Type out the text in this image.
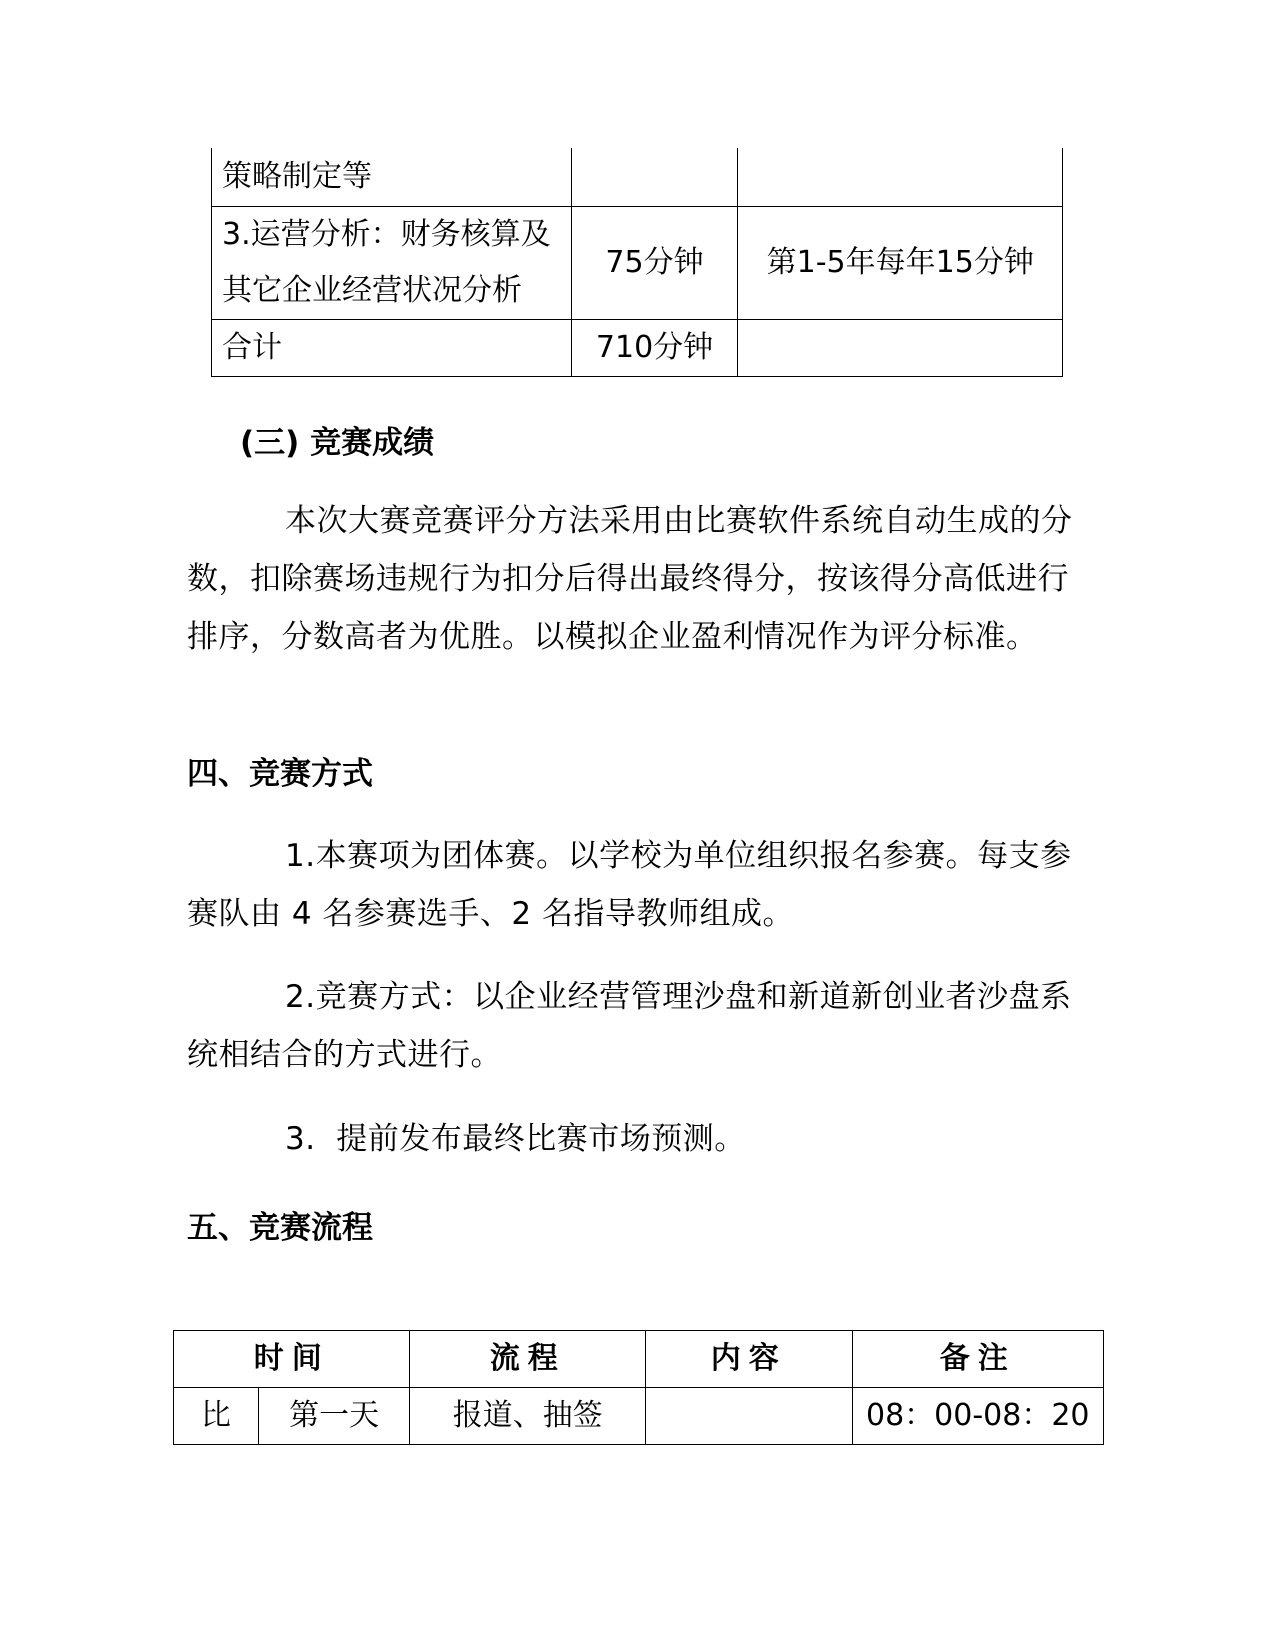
策略制定等		
3.运营分析：财务核算及其它企业经营状况分析	75分钟	第1-5年每年15分钟
合计	710分钟	
(三) 竞赛成绩
本次大赛竞赛评分方法采用由比赛软件系统自动生成的分数，扣除赛场违规行为扣分后得出最终得分，按该得分高低进行排序，分数高者为优胜。以模拟企业盈利情况作为评分标准。
四、竞赛方式
1.本赛项为团体赛。以学校为单位组织报名参赛。每支参赛队由 4 名参赛选手、2 名指导教师组成。
2.竞赛方式：以企业经营管理沙盘和新道新创业者沙盘系统相结合的方式进行。
3.  提前发布最终比赛市场预测。
五、竞赛流程
时间		流程	内容	备注
比	第一天	报道、抽签		08：00-08：20
